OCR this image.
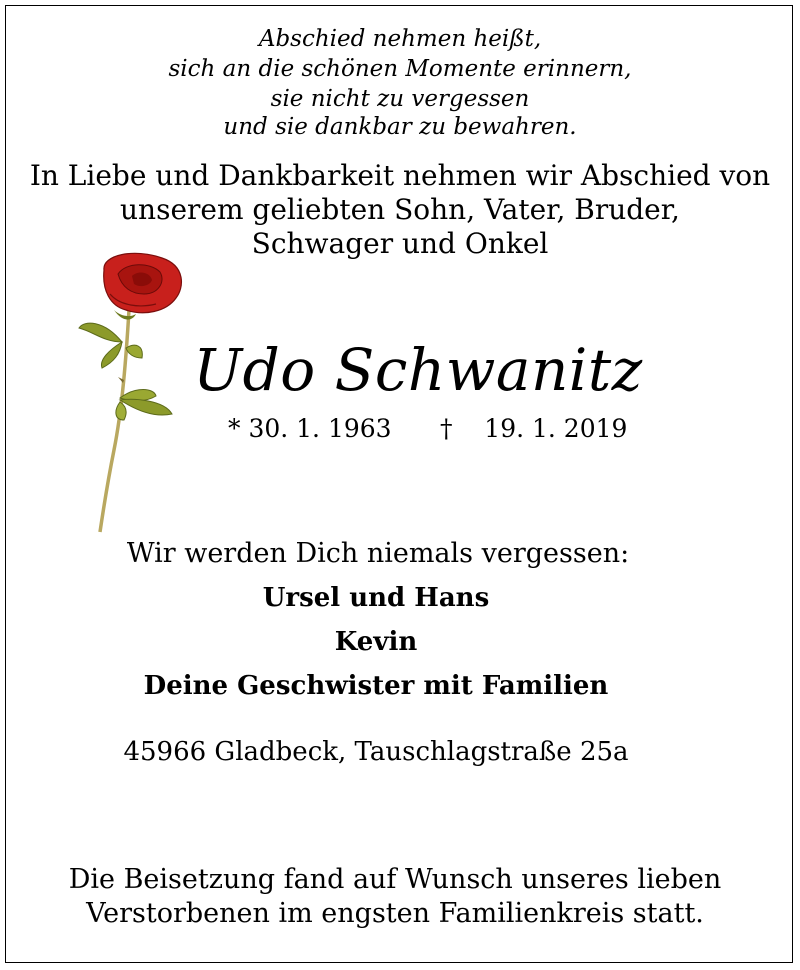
Abschied nehmen heißt,
sich an die schönen Momente erinnern,
sie nicht zu vergessen
und sie dankbar zu bewahren.
In Liebe und Dankbarkeit nehmen wir Abschied von
unserem geliebten Sohn, Vater, Bruder,
Schwager und Onkel
Udo Schwanitz
* 30. 1. 1963 †    19. 1. 2019
Wir werden Dich niemals vergessen:
Ursel und Hans
Kevin
Deine Geschwister mit Familien
45966 Gladbeck, Tauschlagstraße 25a
Die Beisetzung fand auf Wunsch unseres lieben
Verstorbenen im engsten Familienkreis statt.
